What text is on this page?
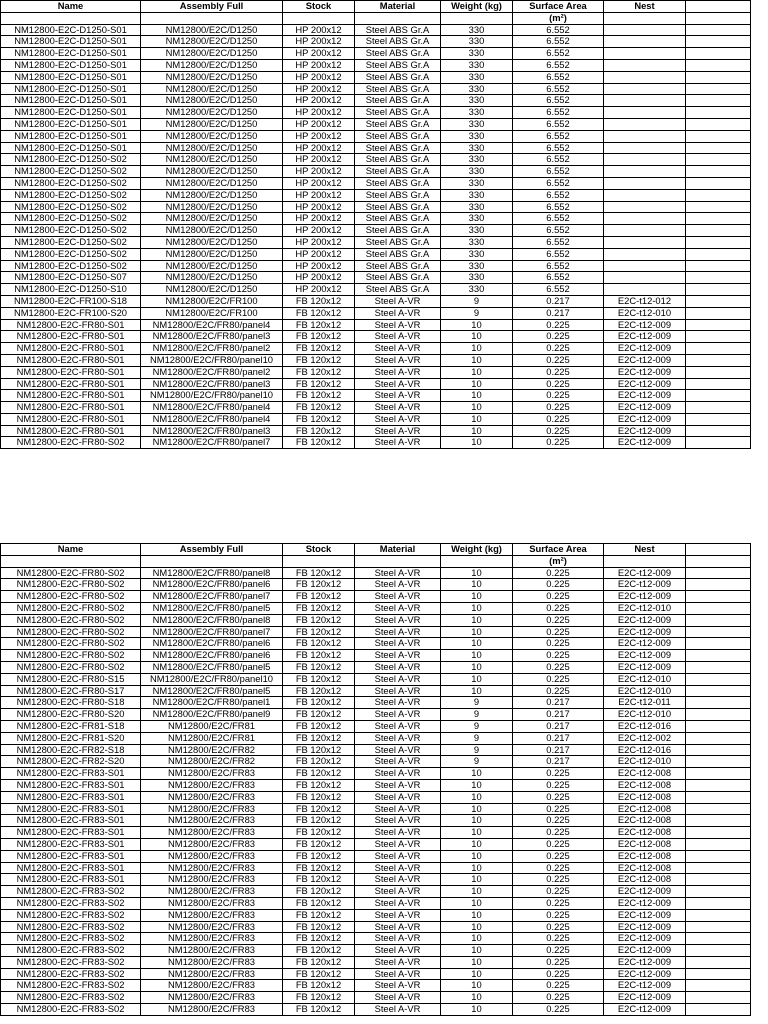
Name	Assembly Full	Stock	Material	Weight (kg)	Surface Area	Nest	
					(m²)		
NM12800-E2C-D1250-S01	NM12800/E2C/D1250	HP 200x12	Steel ABS Gr.A	330	6.552		
NM12800-E2C-D1250-S01	NM12800/E2C/D1250	HP 200x12	Steel ABS Gr.A	330	6.552		
NM12800-E2C-D1250-S01	NM12800/E2C/D1250	HP 200x12	Steel ABS Gr.A	330	6.552		
NM12800-E2C-D1250-S01	NM12800/E2C/D1250	HP 200x12	Steel ABS Gr.A	330	6.552		
NM12800-E2C-D1250-S01	NM12800/E2C/D1250	HP 200x12	Steel ABS Gr.A	330	6.552		
NM12800-E2C-D1250-S01	NM12800/E2C/D1250	HP 200x12	Steel ABS Gr.A	330	6.552		
NM12800-E2C-D1250-S01	NM12800/E2C/D1250	HP 200x12	Steel ABS Gr.A	330	6.552		
NM12800-E2C-D1250-S01	NM12800/E2C/D1250	HP 200x12	Steel ABS Gr.A	330	6.552		
NM12800-E2C-D1250-S01	NM12800/E2C/D1250	HP 200x12	Steel ABS Gr.A	330	6.552		
NM12800-E2C-D1250-S01	NM12800/E2C/D1250	HP 200x12	Steel ABS Gr.A	330	6.552		
NM12800-E2C-D1250-S01	NM12800/E2C/D1250	HP 200x12	Steel ABS Gr.A	330	6.552		
NM12800-E2C-D1250-S02	NM12800/E2C/D1250	HP 200x12	Steel ABS Gr.A	330	6.552		
NM12800-E2C-D1250-S02	NM12800/E2C/D1250	HP 200x12	Steel ABS Gr.A	330	6.552		
NM12800-E2C-D1250-S02	NM12800/E2C/D1250	HP 200x12	Steel ABS Gr.A	330	6.552		
NM12800-E2C-D1250-S02	NM12800/E2C/D1250	HP 200x12	Steel ABS Gr.A	330	6.552		
NM12800-E2C-D1250-S02	NM12800/E2C/D1250	HP 200x12	Steel ABS Gr.A	330	6.552		
NM12800-E2C-D1250-S02	NM12800/E2C/D1250	HP 200x12	Steel ABS Gr.A	330	6.552		
NM12800-E2C-D1250-S02	NM12800/E2C/D1250	HP 200x12	Steel ABS Gr.A	330	6.552		
NM12800-E2C-D1250-S02	NM12800/E2C/D1250	HP 200x12	Steel ABS Gr.A	330	6.552		
NM12800-E2C-D1250-S02	NM12800/E2C/D1250	HP 200x12	Steel ABS Gr.A	330	6.552		
NM12800-E2C-D1250-S02	NM12800/E2C/D1250	HP 200x12	Steel ABS Gr.A	330	6.552		
NM12800-E2C-D1250-S07	NM12800/E2C/D1250	HP 200x12	Steel ABS Gr.A	330	6.552		
NM12800-E2C-D1250-S10	NM12800/E2C/D1250	HP 200x12	Steel ABS Gr.A	330	6.552		
NM12800-E2C-FR100-S18	NM12800/E2C/FR100	FB 120x12	Steel A-VR	9	0.217	E2C-t12-012	
NM12800-E2C-FR100-S20	NM12800/E2C/FR100	FB 120x12	Steel A-VR	9	0.217	E2C-t12-010	
NM12800-E2C-FR80-S01	NM12800/E2C/FR80/panel4	FB 120x12	Steel A-VR	10	0.225	E2C-t12-009	
NM12800-E2C-FR80-S01	NM12800/E2C/FR80/panel3	FB 120x12	Steel A-VR	10	0.225	E2C-t12-009	
NM12800-E2C-FR80-S01	NM12800/E2C/FR80/panel2	FB 120x12	Steel A-VR	10	0.225	E2C-t12-009	
NM12800-E2C-FR80-S01	NM12800/E2C/FR80/panel10	FB 120x12	Steel A-VR	10	0.225	E2C-t12-009	
NM12800-E2C-FR80-S01	NM12800/E2C/FR80/panel2	FB 120x12	Steel A-VR	10	0.225	E2C-t12-009	
NM12800-E2C-FR80-S01	NM12800/E2C/FR80/panel3	FB 120x12	Steel A-VR	10	0.225	E2C-t12-009	
NM12800-E2C-FR80-S01	NM12800/E2C/FR80/panel10	FB 120x12	Steel A-VR	10	0.225	E2C-t12-009	
NM12800-E2C-FR80-S01	NM12800/E2C/FR80/panel4	FB 120x12	Steel A-VR	10	0.225	E2C-t12-009	
NM12800-E2C-FR80-S01	NM12800/E2C/FR80/panel4	FB 120x12	Steel A-VR	10	0.225	E2C-t12-009	
NM12800-E2C-FR80-S01	NM12800/E2C/FR80/panel3	FB 120x12	Steel A-VR	10	0.225	E2C-t12-009	
NM12800-E2C-FR80-S02	NM12800/E2C/FR80/panel7	FB 120x12	Steel A-VR	10	0.225	E2C-t12-009	
Name	Assembly Full	Stock	Material	Weight (kg)	Surface Area	Nest	
					(m²)		
NM12800-E2C-FR80-S02	NM12800/E2C/FR80/panel8	FB 120x12	Steel A-VR	10	0.225	E2C-t12-009	
NM12800-E2C-FR80-S02	NM12800/E2C/FR80/panel6	FB 120x12	Steel A-VR	10	0.225	E2C-t12-009	
NM12800-E2C-FR80-S02	NM12800/E2C/FR80/panel7	FB 120x12	Steel A-VR	10	0.225	E2C-t12-009	
NM12800-E2C-FR80-S02	NM12800/E2C/FR80/panel5	FB 120x12	Steel A-VR	10	0.225	E2C-t12-010	
NM12800-E2C-FR80-S02	NM12800/E2C/FR80/panel8	FB 120x12	Steel A-VR	10	0.225	E2C-t12-009	
NM12800-E2C-FR80-S02	NM12800/E2C/FR80/panel7	FB 120x12	Steel A-VR	10	0.225	E2C-t12-009	
NM12800-E2C-FR80-S02	NM12800/E2C/FR80/panel6	FB 120x12	Steel A-VR	10	0.225	E2C-t12-009	
NM12800-E2C-FR80-S02	NM12800/E2C/FR80/panel6	FB 120x12	Steel A-VR	10	0.225	E2C-t12-009	
NM12800-E2C-FR80-S02	NM12800/E2C/FR80/panel5	FB 120x12	Steel A-VR	10	0.225	E2C-t12-009	
NM12800-E2C-FR80-S15	NM12800/E2C/FR80/panel10	FB 120x12	Steel A-VR	10	0.225	E2C-t12-010	
NM12800-E2C-FR80-S17	NM12800/E2C/FR80/panel5	FB 120x12	Steel A-VR	10	0.225	E2C-t12-010	
NM12800-E2C-FR80-S18	NM12800/E2C/FR80/panel1	FB 120x12	Steel A-VR	9	0.217	E2C-t12-011	
NM12800-E2C-FR80-S20	NM12800/E2C/FR80/panel9	FB 120x12	Steel A-VR	9	0.217	E2C-t12-010	
NM12800-E2C-FR81-S18	NM12800/E2C/FR81	FB 120x12	Steel A-VR	9	0.217	E2C-t12-016	
NM12800-E2C-FR81-S20	NM12800/E2C/FR81	FB 120x12	Steel A-VR	9	0.217	E2C-t12-002	
NM12800-E2C-FR82-S18	NM12800/E2C/FR82	FB 120x12	Steel A-VR	9	0.217	E2C-t12-016	
NM12800-E2C-FR82-S20	NM12800/E2C/FR82	FB 120x12	Steel A-VR	9	0.217	E2C-t12-010	
NM12800-E2C-FR83-S01	NM12800/E2C/FR83	FB 120x12	Steel A-VR	10	0.225	E2C-t12-008	
NM12800-E2C-FR83-S01	NM12800/E2C/FR83	FB 120x12	Steel A-VR	10	0.225	E2C-t12-008	
NM12800-E2C-FR83-S01	NM12800/E2C/FR83	FB 120x12	Steel A-VR	10	0.225	E2C-t12-008	
NM12800-E2C-FR83-S01	NM12800/E2C/FR83	FB 120x12	Steel A-VR	10	0.225	E2C-t12-008	
NM12800-E2C-FR83-S01	NM12800/E2C/FR83	FB 120x12	Steel A-VR	10	0.225	E2C-t12-008	
NM12800-E2C-FR83-S01	NM12800/E2C/FR83	FB 120x12	Steel A-VR	10	0.225	E2C-t12-008	
NM12800-E2C-FR83-S01	NM12800/E2C/FR83	FB 120x12	Steel A-VR	10	0.225	E2C-t12-008	
NM12800-E2C-FR83-S01	NM12800/E2C/FR83	FB 120x12	Steel A-VR	10	0.225	E2C-t12-008	
NM12800-E2C-FR83-S01	NM12800/E2C/FR83	FB 120x12	Steel A-VR	10	0.225	E2C-t12-008	
NM12800-E2C-FR83-S01	NM12800/E2C/FR83	FB 120x12	Steel A-VR	10	0.225	E2C-t12-008	
NM12800-E2C-FR83-S02	NM12800/E2C/FR83	FB 120x12	Steel A-VR	10	0.225	E2C-t12-009	
NM12800-E2C-FR83-S02	NM12800/E2C/FR83	FB 120x12	Steel A-VR	10	0.225	E2C-t12-009	
NM12800-E2C-FR83-S02	NM12800/E2C/FR83	FB 120x12	Steel A-VR	10	0.225	E2C-t12-009	
NM12800-E2C-FR83-S02	NM12800/E2C/FR83	FB 120x12	Steel A-VR	10	0.225	E2C-t12-009	
NM12800-E2C-FR83-S02	NM12800/E2C/FR83	FB 120x12	Steel A-VR	10	0.225	E2C-t12-009	
NM12800-E2C-FR83-S02	NM12800/E2C/FR83	FB 120x12	Steel A-VR	10	0.225	E2C-t12-009	
NM12800-E2C-FR83-S02	NM12800/E2C/FR83	FB 120x12	Steel A-VR	10	0.225	E2C-t12-009	
NM12800-E2C-FR83-S02	NM12800/E2C/FR83	FB 120x12	Steel A-VR	10	0.225	E2C-t12-009	
NM12800-E2C-FR83-S02	NM12800/E2C/FR83	FB 120x12	Steel A-VR	10	0.225	E2C-t12-009	
NM12800-E2C-FR83-S02	NM12800/E2C/FR83	FB 120x12	Steel A-VR	10	0.225	E2C-t12-009	
NM12800-E2C-FR83-S02	NM12800/E2C/FR83	FB 120x12	Steel A-VR	10	0.225	E2C-t12-009	
